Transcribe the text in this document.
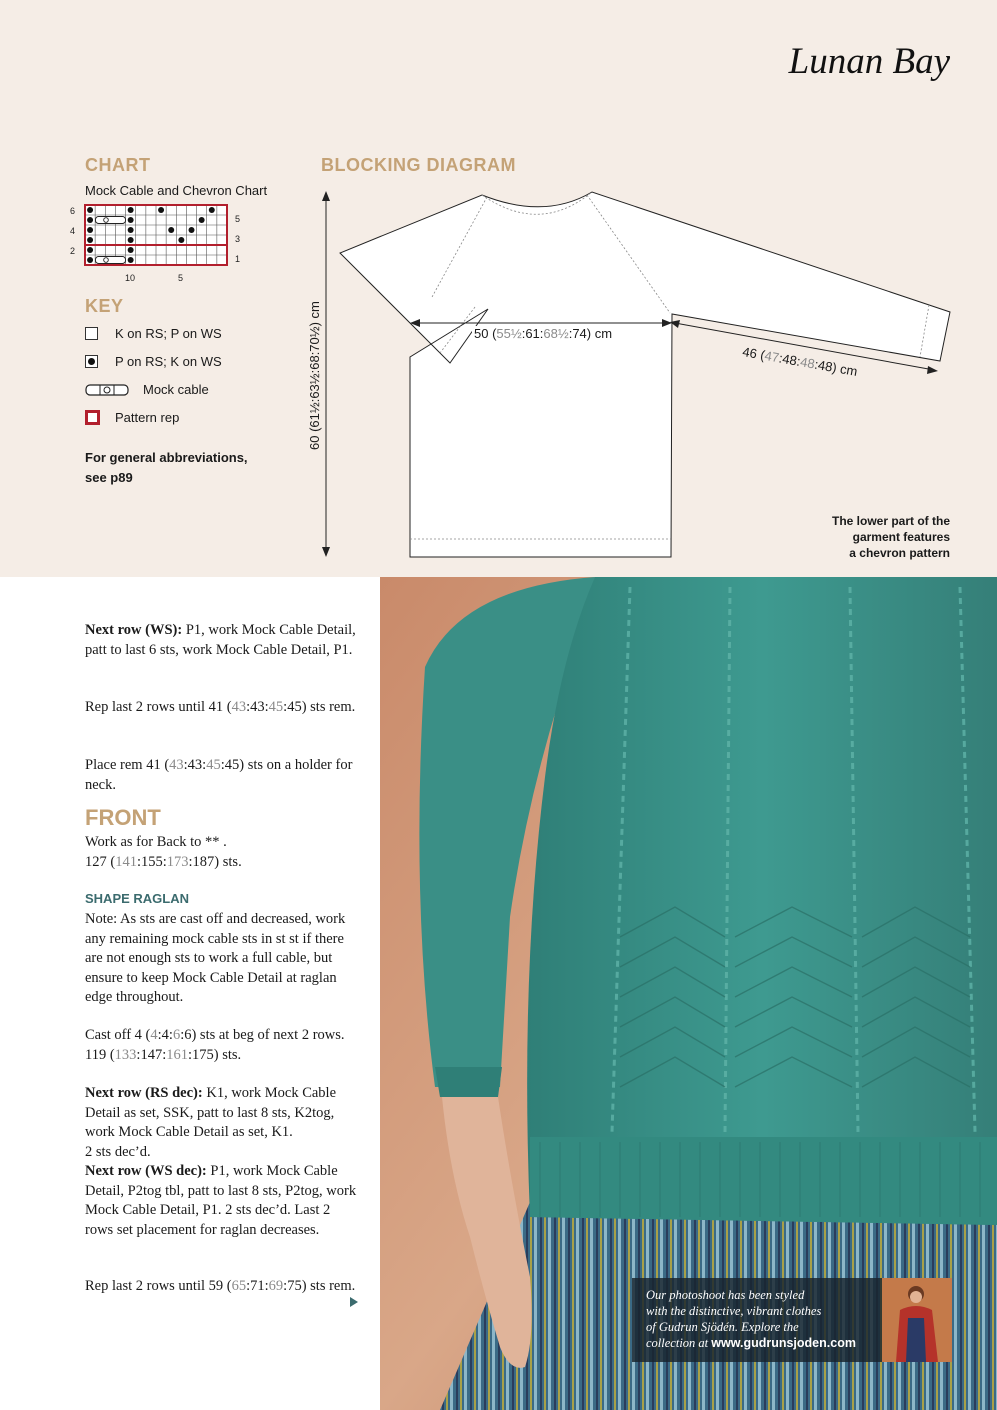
Lunan Bay
CHART
Mock Cable and Chevron Chart
6
4
2
5
3
1
10	5
KEY
K on RS; P on WS
P on RS; K on WS
Mock cable
Pattern rep
For general abbreviations,
see p89
BLOCKING DIAGRAM
50 (55½:61:68½:74) cm
46 (47:48:48:48) cm
60 (61½:63½:68:70½) cm
The lower part of the
garment features
a chevron pattern

Next row (WS): P1, work Mock Cable Detail, patt to last 6 sts, work Mock Cable Detail, P1.

Rep last 2 rows until 41 (43:43:45:45) sts rem.

Place rem 41 (43:43:45:45) sts on a holder for neck.

FRONT

Work as for Back to ** .

127 (141:155:173:187) sts.

SHAPE RAGLAN

Note: As sts are cast off and decreased, work any remaining mock cable sts in st st if there are not enough sts to work a full cable, but ensure to keep Mock Cable Detail at raglan edge throughout.

Cast off 4 (4:4:6:6) sts at beg of next 2 rows.

119 (133:147:161:175) sts.

Next row (RS dec): K1, work Mock Cable Detail as set, SSK, patt to last 8 sts, K2tog, work Mock Cable Detail as set, K1.

2 sts dec’d.

Next row (WS dec): P1, work Mock Cable Detail, P2tog tbl, patt to last 8 sts, P2tog, work Mock Cable Detail, P1. 2 sts dec’d. Last 2 rows set placement for raglan decreases.

Rep last 2 rows until 59 (65:71:69:75) sts rem.

Our photoshoot has been styled
with the distinctive, vibrant clothes
of Gudrun Sjödén. Explore the
collection at www.gudrunsjoden.com
